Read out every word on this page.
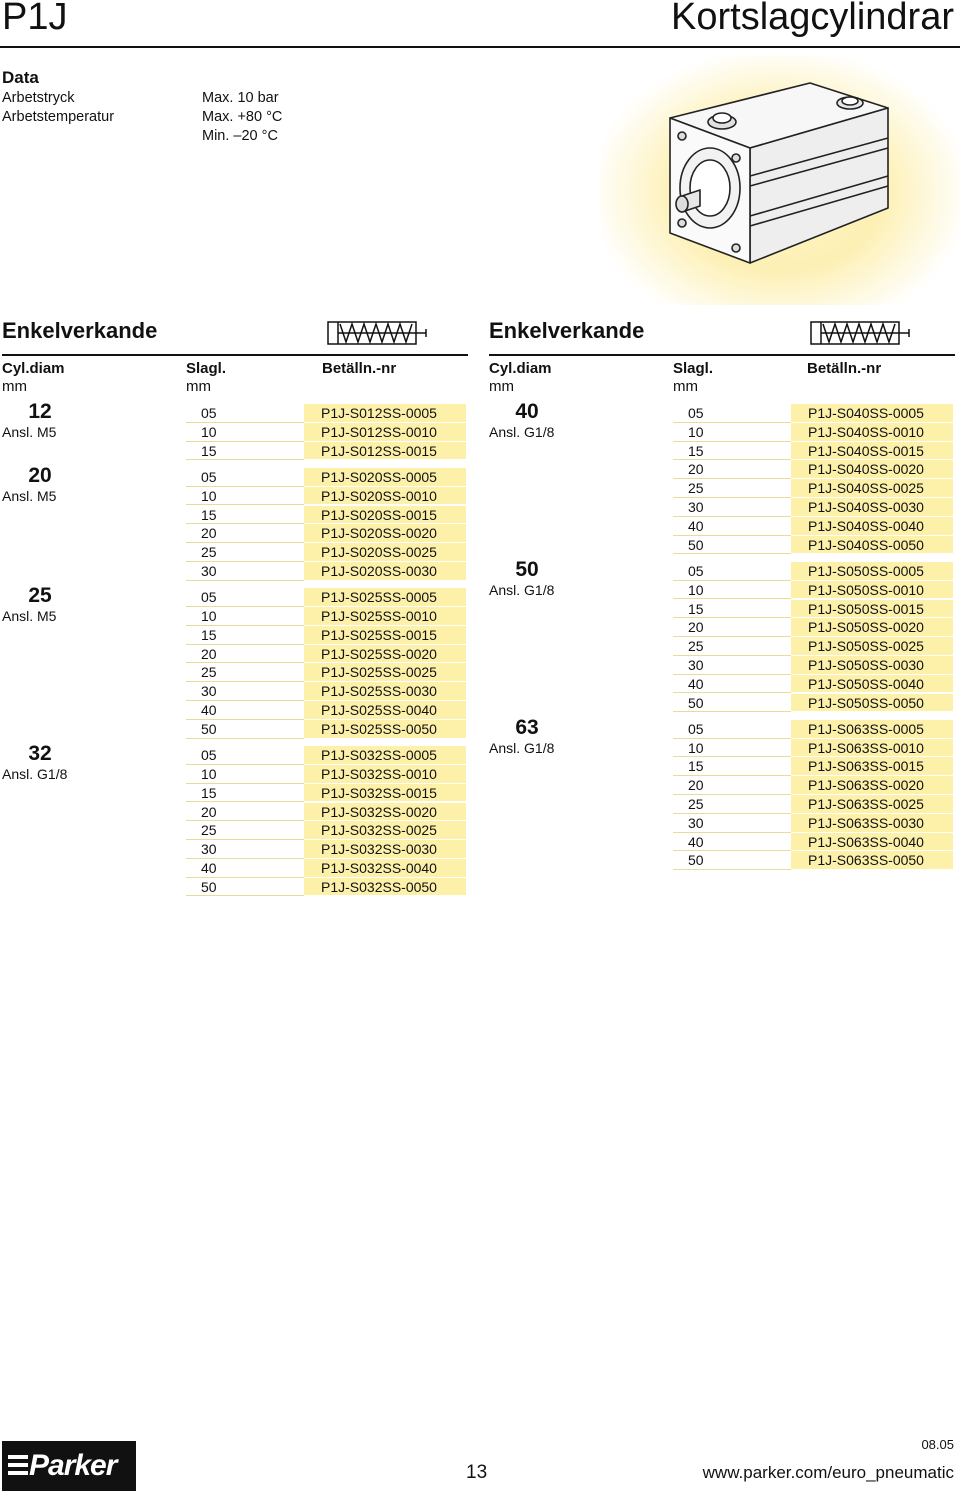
P1J	Kortslagcylindrar
Data
Arbetstryck	Max. 10 bar
Arbetstemperatur	Max. +80 °C
Min. –20 °C
Enkelverkande
Cyl.diam
mm
Slagl.
mm
Betälln.-nr
12
Ansl. M5
05	P1J-S012SS-0005
10	P1J-S012SS-0010
15	P1J-S012SS-0015
20
Ansl. M5
05	P1J-S020SS-0005
10	P1J-S020SS-0010
15	P1J-S020SS-0015
20	P1J-S020SS-0020
25	P1J-S020SS-0025
30	P1J-S020SS-0030
25
Ansl. M5
05	P1J-S025SS-0005
10	P1J-S025SS-0010
15	P1J-S025SS-0015
20	P1J-S025SS-0020
25	P1J-S025SS-0025
30	P1J-S025SS-0030
40	P1J-S025SS-0040
50	P1J-S025SS-0050
32
Ansl. G1/8
05	P1J-S032SS-0005
10	P1J-S032SS-0010
15	P1J-S032SS-0015
20	P1J-S032SS-0020
25	P1J-S032SS-0025
30	P1J-S032SS-0030
40	P1J-S032SS-0040
50	P1J-S032SS-0050
Enkelverkande
Cyl.diam
mm
Slagl.
mm
Betälln.-nr
40
Ansl. G1/8
05	P1J-S040SS-0005
10	P1J-S040SS-0010
15	P1J-S040SS-0015
20	P1J-S040SS-0020
25	P1J-S040SS-0025
30	P1J-S040SS-0030
40	P1J-S040SS-0040
50	P1J-S040SS-0050
50
Ansl. G1/8
05	P1J-S050SS-0005
10	P1J-S050SS-0010
15	P1J-S050SS-0015
20	P1J-S050SS-0020
25	P1J-S050SS-0025
30	P1J-S050SS-0030
40	P1J-S050SS-0040
50	P1J-S050SS-0050
63
Ansl. G1/8
05	P1J-S063SS-0005
10	P1J-S063SS-0010
15	P1J-S063SS-0015
20	P1J-S063SS-0020
25	P1J-S063SS-0025
30	P1J-S063SS-0030
40	P1J-S063SS-0040
50	P1J-S063SS-0050
Parker	13
08.05
www.parker.com/euro_pneumatic
